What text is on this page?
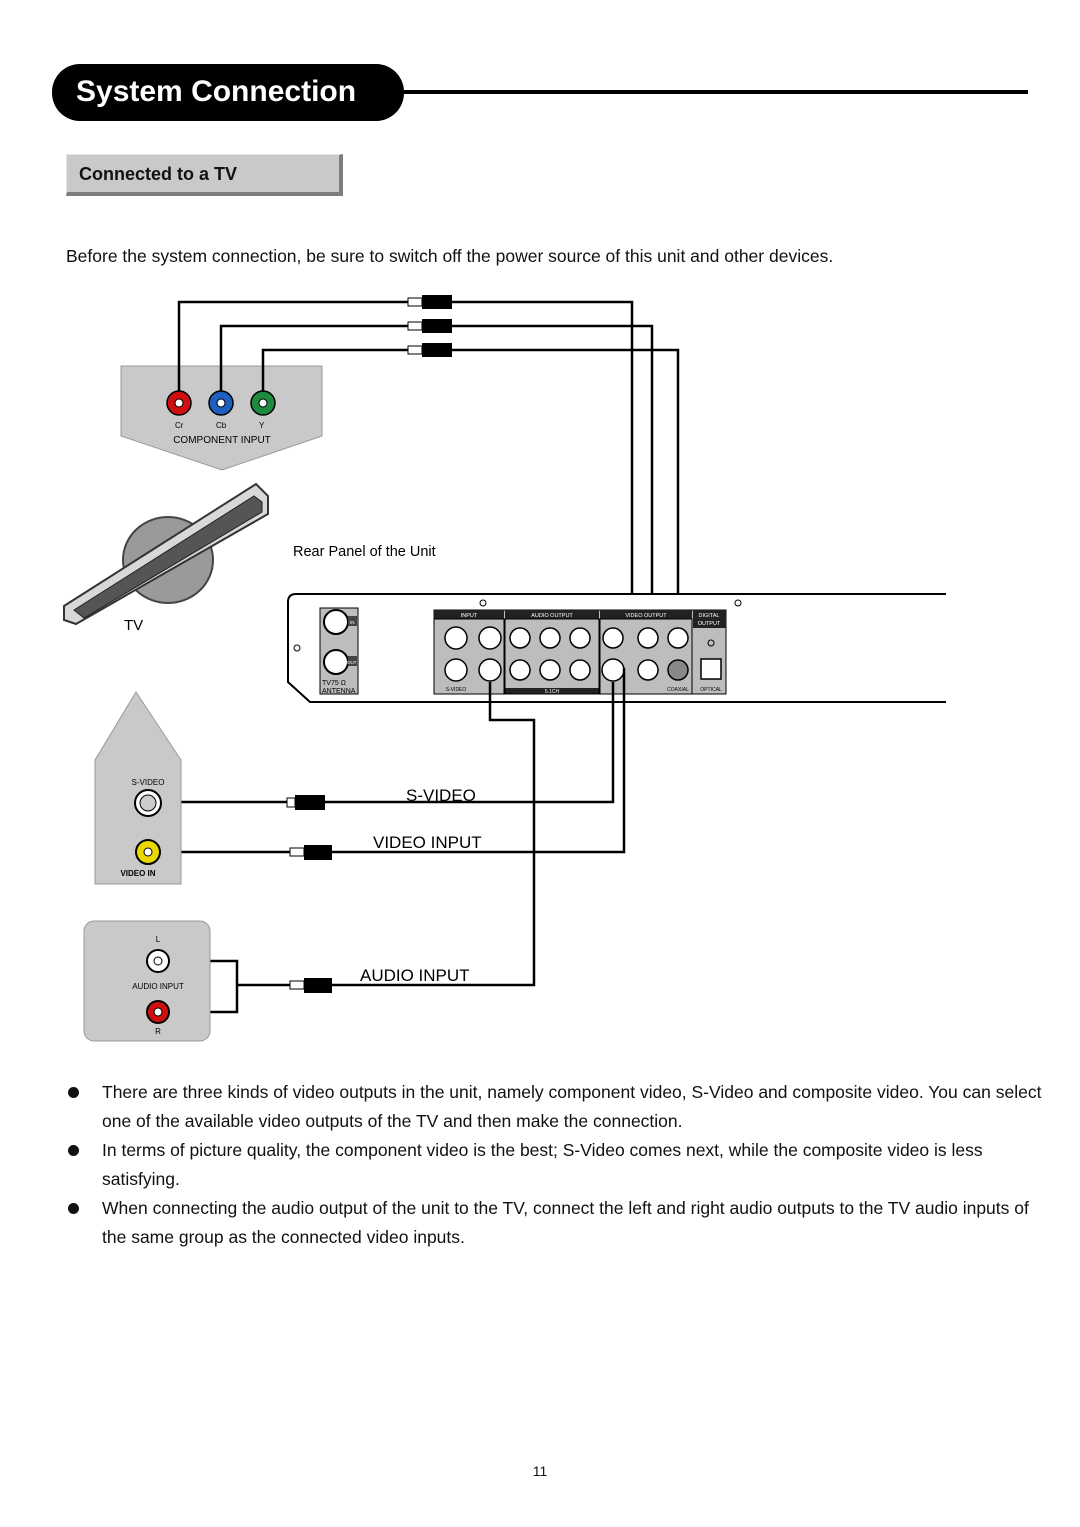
System Connection
Connected to a TV
Before the system connection, be sure to switch off the power source of this unit and other devices.
Cr	Cb	Y
COMPONENT INPUT
TV
Rear Panel of the Unit
IN
OUT
TV75 Ω
ANTENNA
INPUT	AUDIO OUTPUT	VIDEO OUTPUT	DIGITAL
OUTPUT
S-VIDEO	5.1CH	COAXIAL OPTICAL
S-VIDEO
VIDEO IN
S-VIDEO
VIDEO INPUT
AUDIO INPUT
L
AUDIO INPUT
R
There are three kinds of video outputs in the unit, namely component video, S-Video and composite video. You can select one of the available video outputs of the TV and then make the connection.
In terms of picture quality, the component video is the best; S-Video comes next, while the composite video is less satisfying.
When connecting the audio output of the unit to the TV, connect the left and right audio outputs to the TV audio inputs of the same group as the connected video inputs.
11
